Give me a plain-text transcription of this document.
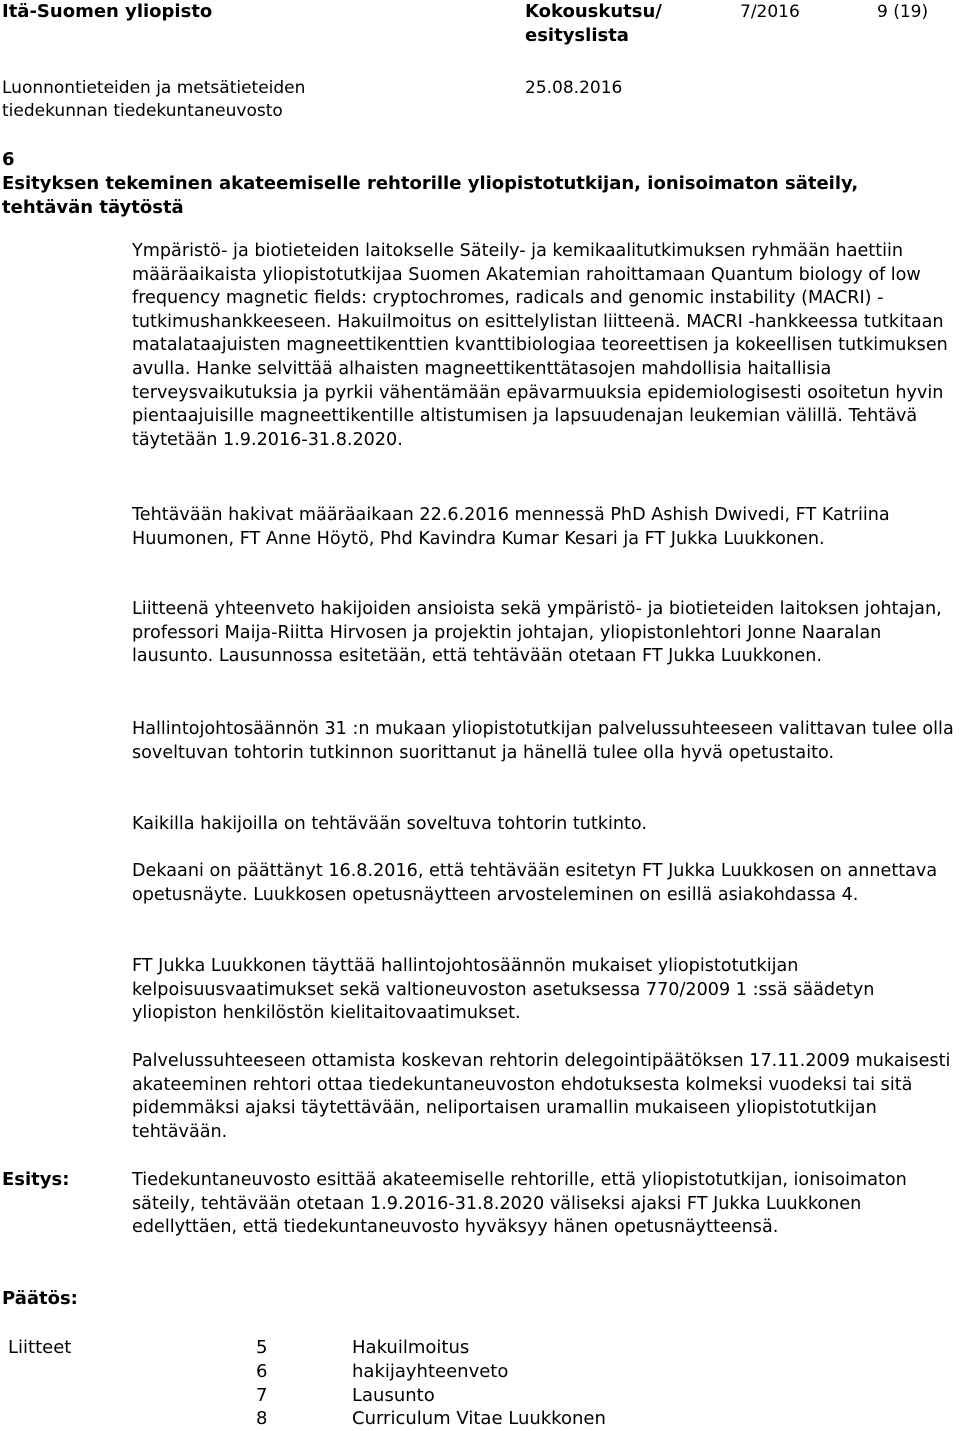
Itä-Suomen yliopisto	Kokouskutsu/
esityslista
7/2016	9 (19)
Luonnontieteiden ja metsätieteiden
tiedekunnan tiedekuntaneuvosto
25.08.2016
6
Esityksen tekeminen akateemiselle rehtorille yliopistotutkijan, ionisoimaton säteily,
tehtävän täytöstä

Ympäristö- ja biotieteiden laitokselle Säteily- ja kemikaalitutkimuksen ryhmään haettiin määräaikaista yliopistotutkijaa Suomen Akatemian rahoittamaan Quantum biology of low frequency magnetic fields: cryptochromes, radicals and genomic instability (MACRI) -tutkimushankkeeseen. Hakuilmoitus on esittelylistan liitteenä. MACRI -hankkeessa tutkitaan matalataajuisten magneettikenttien kvanttibiologiaa teoreettisen ja kokeellisen tutkimuksen avulla. Hanke selvittää alhaisten magneettikenttätasojen mahdollisia haitallisia terveysvaikutuksia ja pyrkii vähentämään epävarmuuksia epidemiologisesti osoitetun hyvin pientaajuisille magneettikentille altistumisen ja lapsuudenajan leukemian välillä. Tehtävä täytetään 1.9.2016-31.8.2020.

Tehtävään hakivat määräaikaan 22.6.2016 mennessä PhD Ashish Dwivedi, FT Katriina Huumonen, FT Anne Höytö, Phd Kavindra Kumar Kesari ja FT Jukka Luukkonen.

Liitteenä yhteenveto hakijoiden ansioista sekä ympäristö- ja biotieteiden laitoksen johtajan, professori Maija-Riitta Hirvosen ja projektin johtajan, yliopistonlehtori Jonne Naaralan lausunto. Lausunnossa esitetään, että tehtävään otetaan FT Jukka Luukkonen.

Hallintojohtosäännön 31 :n mukaan yliopistotutkijan palvelussuhteeseen valittavan tulee olla soveltuvan tohtorin tutkinnon suorittanut ja hänellä tulee olla hyvä opetustaito.

Kaikilla hakijoilla on tehtävään soveltuva tohtorin tutkinto.

Dekaani on päättänyt 16.8.2016, että tehtävään esitetyn FT Jukka Luukkosen on annettava opetusnäyte. Luukkosen opetusnäytteen arvosteleminen on esillä asiakohdassa 4.

FT Jukka Luukkonen täyttää hallintojohtosäännön mukaiset yliopistotutkijan kelpoisuusvaatimukset sekä valtioneuvoston asetuksessa 770/2009 1 :ssä säädetyn yliopiston henkilöstön kielitaitovaatimukset.

Palvelussuhteeseen ottamista koskevan rehtorin delegointipäätöksen 17.11.2009 mukaisesti akateeminen rehtori ottaa tiedekuntaneuvoston ehdotuksesta kolmeksi vuodeksi tai sitä pidemmäksi ajaksi täytettävään, neliportaisen uramallin mukaiseen yliopistotutkijan tehtävään.

Esitys:	Tiedekuntaneuvosto esittää akateemiselle rehtorille, että yliopistotutkijan, ionisoimaton säteily, tehtävään otetaan 1.9.2016-31.8.2020 väliseksi ajaksi FT Jukka Luukkonen edellyttäen, että tiedekuntaneuvosto hyväksyy hänen opetusnäytteensä.

Päätös:
Liitteet	5	Hakuilmoitus
6	hakijayhteenveto
7	Lausunto
8	Curriculum Vitae Luukkonen
